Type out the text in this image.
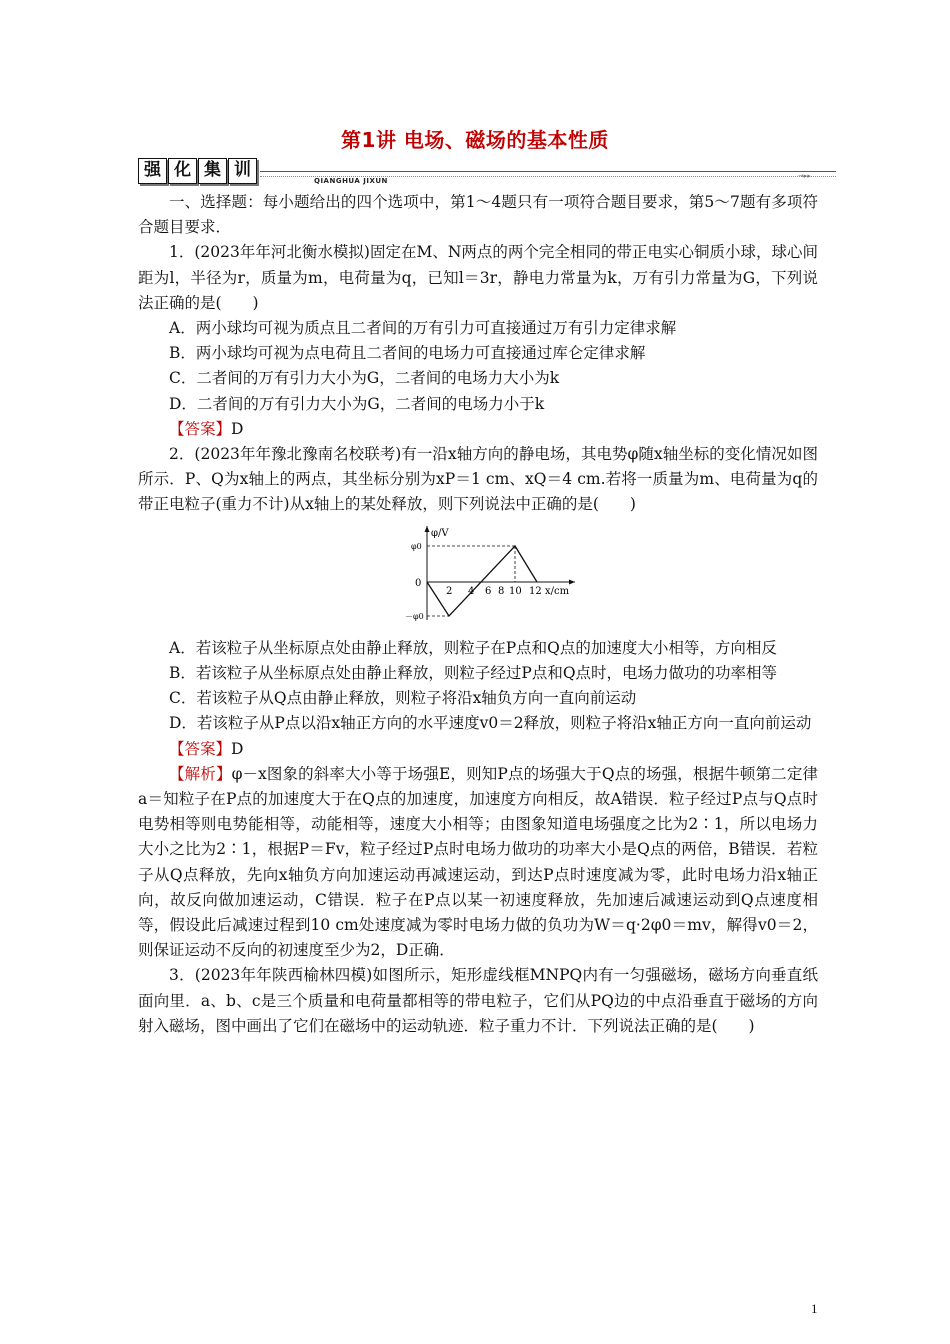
第1讲 电场、磁场的基本性质
强 化 集 训
QIANGHUA JIXUN
→▸▸

一、选择题：每小题给出的四个选项中，第1～4题只有一项符合题目要求，第5～7题有多项符合题目要求．

1．(2023年年河北衡水模拟)固定在M、N两点的两个完全相同的带正电实心铜质小球，球心间距为l，半径为r，质量为m，电荷量为q，已知l＝3r，静电力常量为k，万有引力常量为G，下列说法正确的是(　　)

A．两小球均可视为质点且二者间的万有引力可直接通过万有引力定律求解

B．两小球均可视为点电荷且二者间的电场力可直接通过库仑定律求解

C．二者间的万有引力大小为G，二者间的电场力大小为k

D．二者间的万有引力大小为G，二者间的电场力小于k

【答案】D

2．(2023年年豫北豫南名校联考)有一沿x轴方向的静电场，其电势φ随x轴坐标的变化情况如图所示．P、Q为x轴上的两点，其坐标分别为xP＝1 cm、xQ＝4 cm.若将一质量为m、电荷量为q的带正电粒子(重力不计)从x轴上的某处释放，则下列说法中正确的是(　　)

φ/V
x/cm
0
φ0
－φ0
2 4 6 8 10 12

A．若该粒子从坐标原点处由静止释放，则粒子在P点和Q点的加速度大小相等，方向相反

B．若该粒子从坐标原点处由静止释放，则粒子经过P点和Q点时，电场力做功的功率相等

C．若该粒子从Q点由静止释放，则粒子将沿x轴负方向一直向前运动

D．若该粒子从P点以沿x轴正方向的水平速度v0＝2释放，则粒子将沿x轴正方向一直向前运动

【答案】D

【解析】φ－x图象的斜率大小等于场强E，则知P点的场强大于Q点的场强，根据牛顿第二定律a＝知粒子在P点的加速度大于在Q点的加速度，加速度方向相反，故A错误．粒子经过P点与Q点时电势相等则电势能相等，动能相等，速度大小相等；由图象知道电场强度之比为2∶1，所以电场力大小之比为2∶1，根据P＝Fv，粒子经过P点时电场力做功的功率大小是Q点的两倍，B错误．若粒子从Q点释放，先向x轴负方向加速运动再减速运动，到达P点时速度减为零，此时电场力沿x轴正向，故反向做加速运动，C错误．粒子在P点以某一初速度释放，先加速后减速运动到Q点速度相等，假设此后减速过程到10 cm处速度减为零时电场力做的负功为W＝q·2φ0＝mv，解得v0＝2，则保证运动不反向的初速度至少为2，D正确．

3．(2023年年陕西榆林四模)如图所示，矩形虚线框MNPQ内有一匀强磁场，磁场方向垂直纸面向里．a、b、c是三个质量和电荷量都相等的带电粒子，它们从PQ边的中点沿垂直于磁场的方向射入磁场，图中画出了它们在磁场中的运动轨迹．粒子重力不计．下列说法正确的是(　　)

1
